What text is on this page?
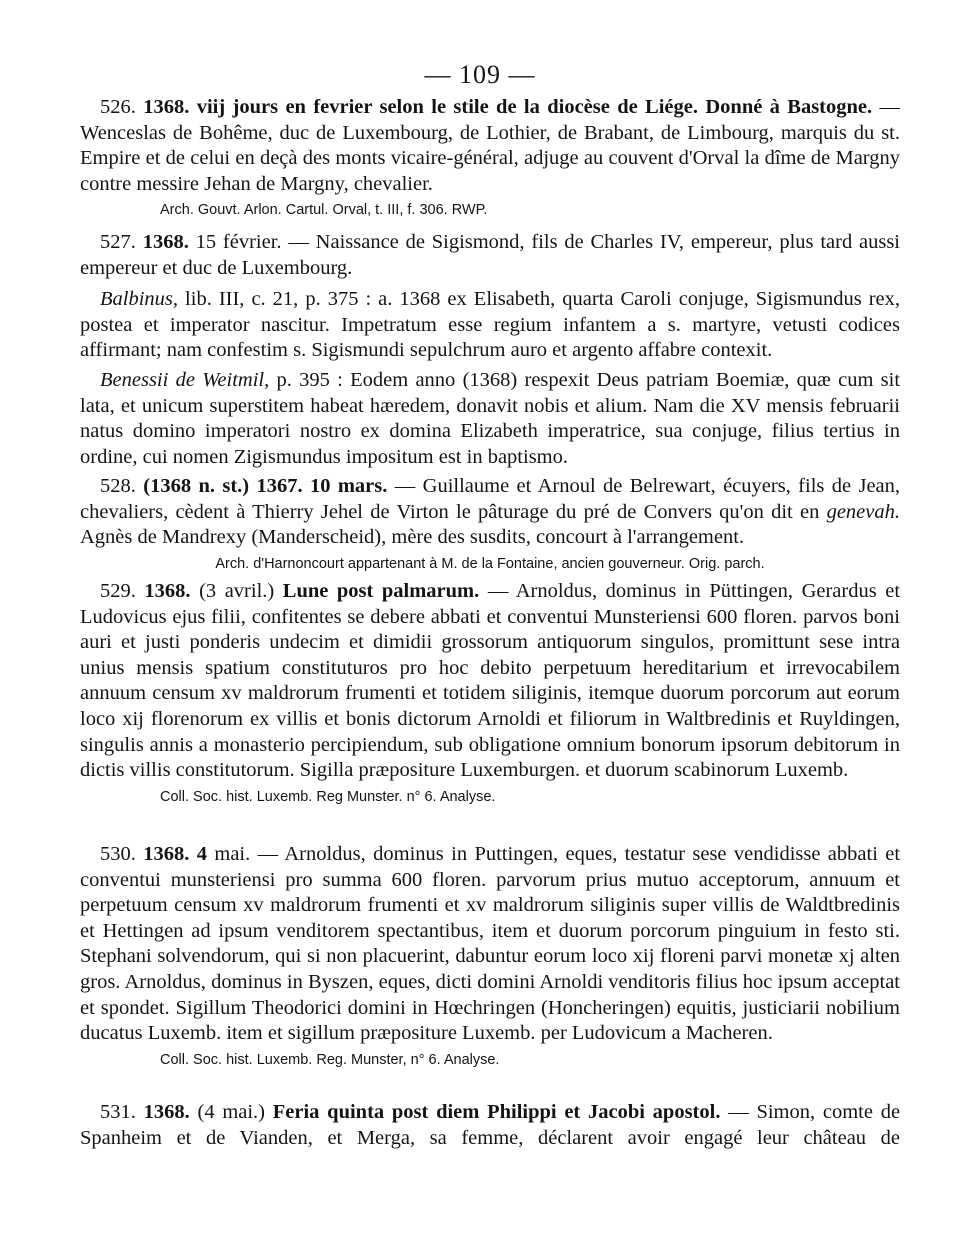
— 109 —

526. 1368. viij jours en fevrier selon le stile de la diocèse de Liége. Donné à Bastogne. — Wenceslas de Bohême, duc de Luxembourg, de Lothier, de Brabant, de Limbourg, marquis du st. Empire et de celui en deçà des monts vicaire-général, adjuge au couvent d'Orval la dîme de Margny contre messire Jehan de Margny, chevalier.

Arch. Gouvt. Arlon. Cartul. Orval, t. III, f. 306. RWP.

527. 1368. 15 février. — Naissance de Sigismond, fils de Charles IV, empereur, plus tard aussi empereur et duc de Luxembourg.

Balbinus, lib. III, c. 21, p. 375 : a. 1368 ex Elisabeth, quarta Caroli conjuge, Sigismundus rex, postea et imperator nascitur. Impetratum esse regium infantem a s. martyre, vetusti codices affirmant; nam confestim s. Sigismundi sepulchrum auro et argento affabre contexit.

Benessii de Weitmil, p. 395 : Eodem anno (1368) respexit Deus patriam Boemiæ, quæ cum sit lata, et unicum superstitem habeat hæredem, donavit nobis et alium. Nam die XV mensis februarii natus domino imperatori nostro ex domina Elizabeth imperatrice, sua conjuge, filius tertius in ordine, cui nomen Zigismundus impositum est in baptismo.

528. (1368 n. st.) 1367. 10 mars. — Guillaume et Arnoul de Belrewart, écuyers, fils de Jean, chevaliers, cèdent à Thierry Jehel de Virton le pâturage du pré de Convers qu'on dit en genevah. Agnès de Mandrexy (Manderscheid), mère des susdits, concourt à l'arrangement.

Arch. d'Harnoncourt appartenant à M. de la Fontaine, ancien gouverneur. Orig. parch.

529. 1368. (3 avril.) Lune post palmarum. — Arnoldus, dominus in Püttingen, Gerardus et Ludovicus ejus filii, confitentes se debere abbati et conventui Munsteriensi 600 floren. parvos boni auri et justi ponderis undecim et dimidii grossorum antiquorum singulos, promittunt sese intra unius mensis spatium constituturos pro hoc debito perpetuum hereditarium et irrevocabilem annuum censum xv maldrorum frumenti et totidem siliginis, itemque duorum porcorum aut eorum loco xij florenorum ex villis et bonis dictorum Arnoldi et filiorum in Waltbredinis et Ruyldingen, singulis annis a monasterio percipiendum, sub obligatione omnium bonorum ipsorum debitorum in dictis villis constitutorum. Sigilla præpositure Luxemburgen. et duorum scabinorum Luxemb.

Coll. Soc. hist. Luxemb. Reg Munster. n° 6. Analyse.

530. 1368. 4 mai. — Arnoldus, dominus in Puttingen, eques, testatur sese vendidisse abbati et conventui munsteriensi pro summa 600 floren. parvorum prius mutuo acceptorum, annuum et perpetuum censum xv maldrorum frumenti et xv maldrorum siliginis super villis de Waldtbredinis et Hettingen ad ipsum venditorem spectantibus, item et duorum porcorum pinguium in festo sti. Stephani solvendorum, qui si non placuerint, dabuntur eorum loco xij floreni parvi monetæ xj alten gros. Arnoldus, dominus in Byszen, eques, dicti domini Arnoldi venditoris filius hoc ipsum acceptat et spondet. Sigillum Theodorici domini in Hœchringen (Honcheringen) equitis, justiciarii nobilium ducatus Luxemb. item et sigillum præpositure Luxemb. per Ludovicum a Macheren.

Coll. Soc. hist. Luxemb. Reg. Munster, n° 6. Analyse.

531. 1368. (4 mai.) Feria quinta post diem Philippi et Jacobi apostol. — Simon, comte de Spanheim et de Vianden, et Merga, sa femme, déclarent avoir engagé leur château de
